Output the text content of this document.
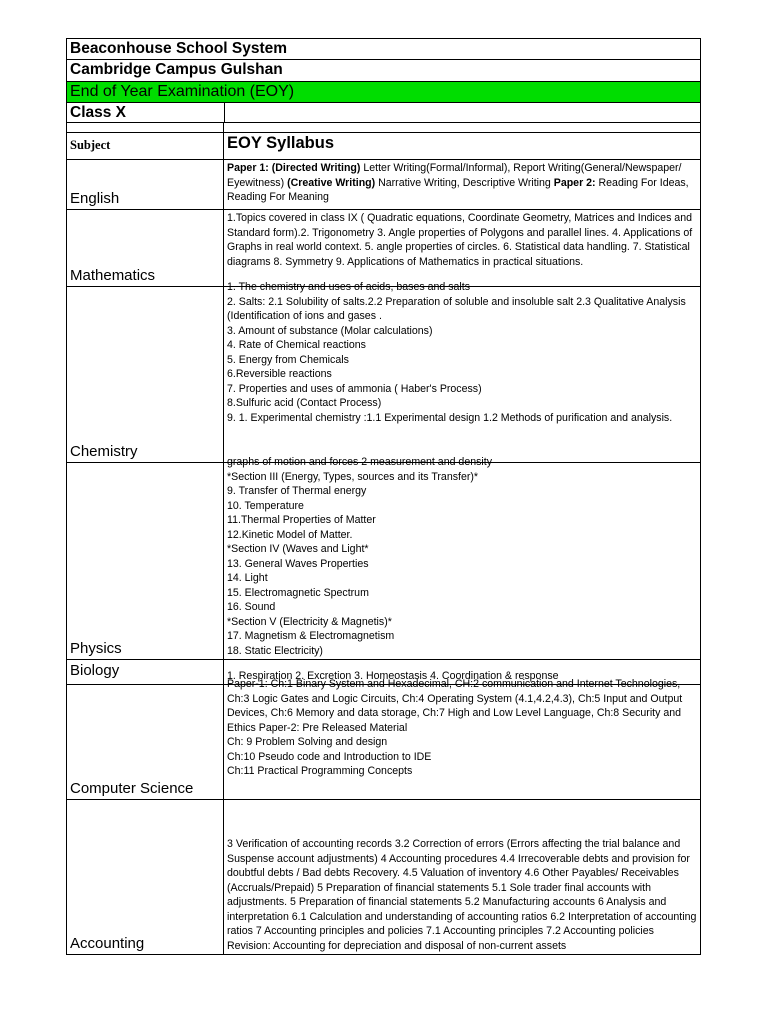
Beaconhouse School System
Cambridge Campus Gulshan
End of Year Examination (EOY)
Class X
Subject	EOY Syllabus
English
Paper 1: (Directed Writing) Letter Writing(Formal/Informal), Report Writing(General/Newspaper/ Eyewitness) (Creative Writing) Narrative Writing, Descriptive Writing Paper 2: Reading For Ideas, Reading For Meaning
Mathematics
1.Topics covered in class IX ( Quadratic equations, Coordinate Geometry, Matrices and Indices and Standard form).2. Trigonometry 3. Angle properties of Polygons and parallel lines. 4. Applications of Graphs in real world context. 5. angle properties of circles. 6. Statistical data handling. 7. Statistical diagrams 8. Symmetry 9. Applications of Mathematics in practical situations.
Chemistry

1. The chemistry and uses of acids, bases and salts

2. Salts: 2.1 Solubility of salts.2.2 Preparation of soluble and insoluble salt 2.3 Qualitative Analysis (Identification of ions and gases .

3. Amount of substance (Molar calculations)

4. Rate of Chemical reactions

5. Energy from Chemicals

6.Reversible reactions

7. Properties and uses of ammonia ( Haber's Process)

8.Sulfuric acid (Contact Process)

9. 1. Experimental chemistry :1.1 Experimental design 1.2 Methods of purification and analysis.

Physics

graphs of motion and forces 2 measurement and density

*Section III (Energy, Types, sources and its Transfer)*

9. Transfer of Thermal energy

10. Temperature

11.Thermal Properties of Matter

12.Kinetic Model of Matter.

*Section IV (Waves and Light*

13. General Waves Properties

14. Light

15. Electromagnetic Spectrum

16. Sound

*Section V (Electricity & Magnetis)*

17. Magnetism & Electromagnetism

18. Static Electricity)

Biology	1. Respiration 2. Excretion 3. Homeostasis 4. Coordination & response
Computer Science

Paper-1: Ch:1 Binary System and Hexadecimal, CH:2 communication and Internet Technologies, Ch:3 Logic Gates and Logic Circuits, Ch:4 Operating System (4.1,4.2,4.3), Ch:5 Input and Output Devices, Ch:6 Memory and data storage, Ch:7 High and Low Level Language, Ch:8 Security and Ethics Paper-2: Pre Released Material

Ch: 9 Problem Solving and design

Ch:10 Pseudo code and Introduction to IDE

Ch:11 Practical Programming Concepts

Accounting
3 Verification of accounting records 3.2 Correction of errors (Errors affecting the trial balance and Suspense account adjustments) 4 Accounting procedures 4.4 Irrecoverable debts and provision for doubtful debts / Bad debts Recovery. 4.5 Valuation of inventory 4.6 Other Payables/ Receivables (Accruals/Prepaid) 5 Preparation of financial statements 5.1 Sole trader final accounts with adjustments. 5 Preparation of financial statements 5.2 Manufacturing accounts 6 Analysis and interpretation 6.1 Calculation and understanding of accounting ratios 6.2 Interpretation of accounting ratios 7 Accounting principles and policies 7.1 Accounting principles 7.2 Accounting policies Revision: Accounting for depreciation and disposal of non-current assets
